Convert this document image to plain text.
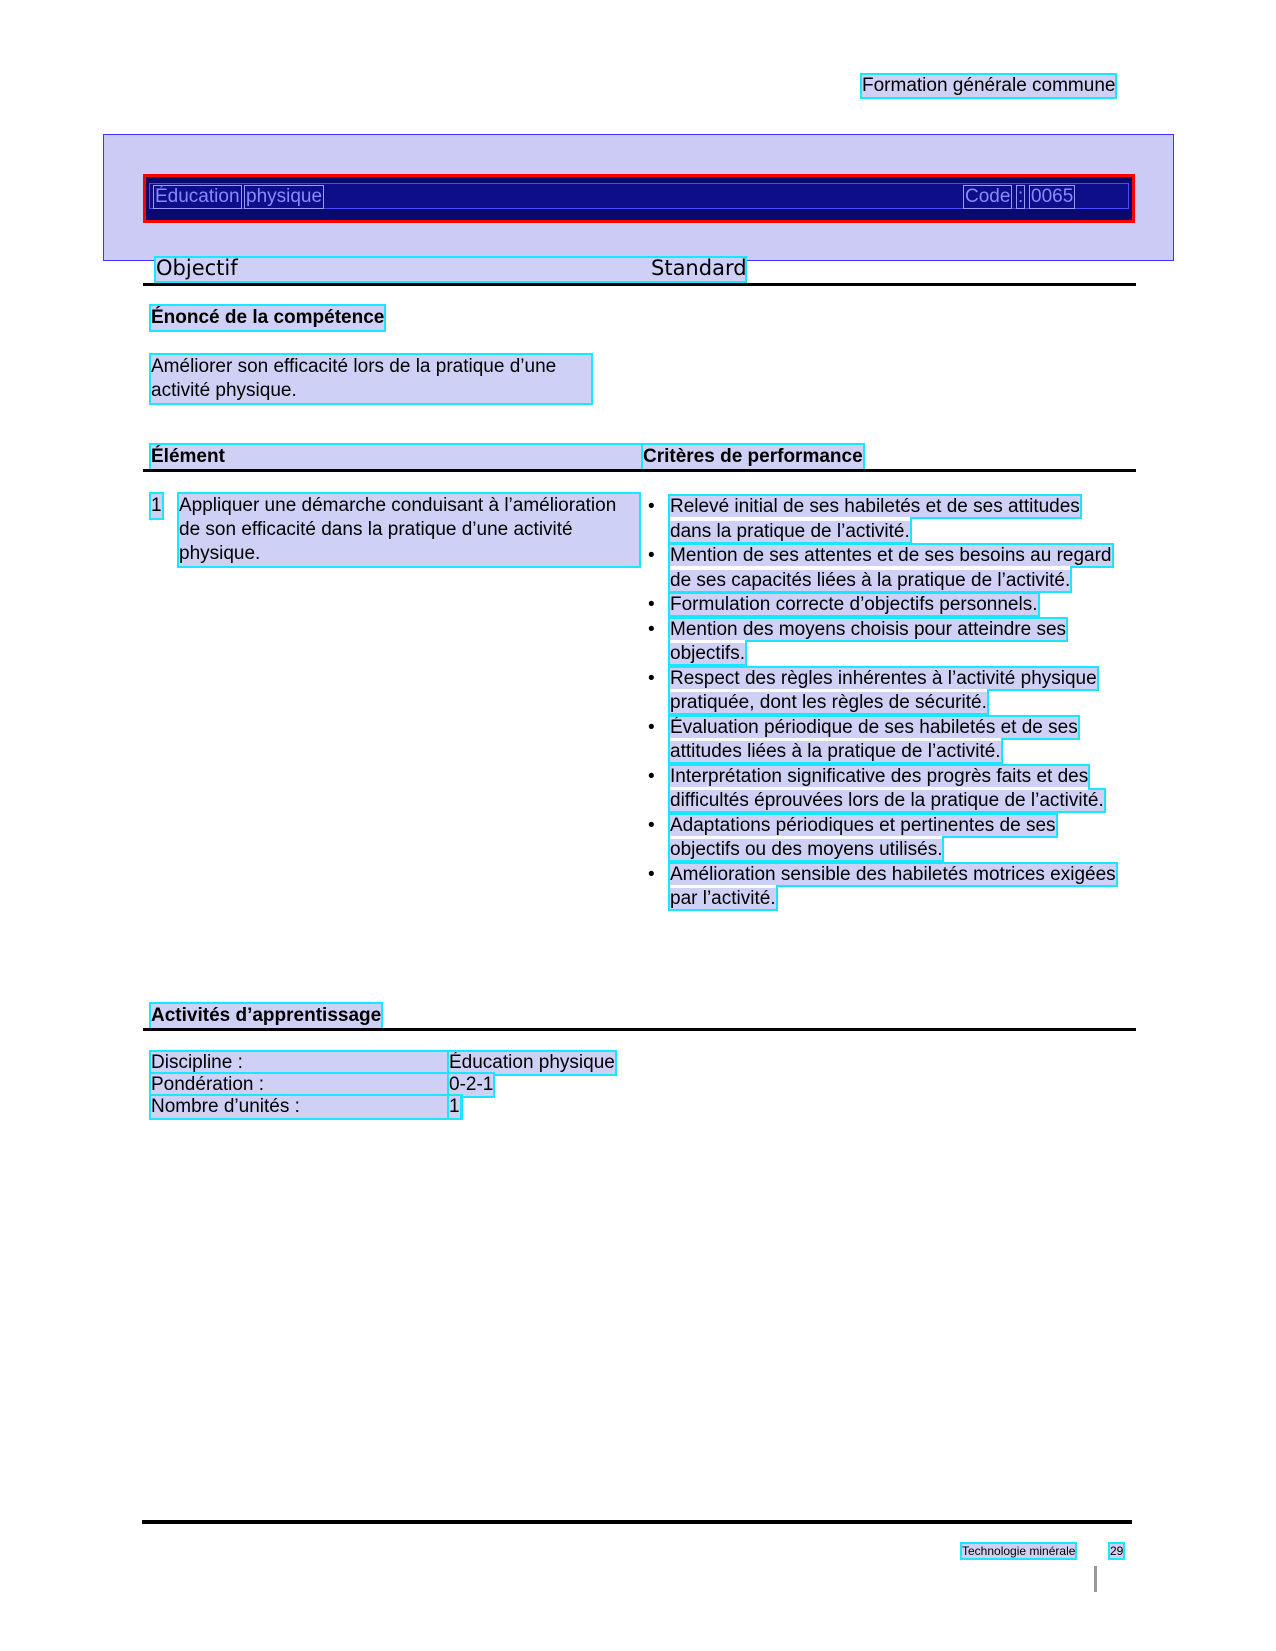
Formation générale commune
Éducation physique	Code : 0065
Objectif	Standard
Énoncé de la compétence
Améliorer son efficacité lors de la pratique d’une activité physique.
Élément	Critères de performance
1 Appliquer une démarche conduisant à l’amélioration de son efficacité dans la pratique d’une activité physique.
• Relevé initial de ses habiletés et de ses attitudes dans la pratique de l’activité.
• Mention de ses attentes et de ses besoins au regard de ses capacités liées à la pratique de l’activité.
• Formulation correcte d’objectifs personnels.
• Mention des moyens choisis pour atteindre ses objectifs.
• Respect des règles inhérentes à l’activité physique pratiquée, dont les règles de sécurité.
• Évaluation périodique de ses habiletés et de ses attitudes liées à la pratique de l’activité.
• Interprétation significative des progrès faits et des difficultés éprouvées lors de la pratique de l’activité.
• Adaptations périodiques et pertinentes de ses objectifs ou des moyens utilisés.
• Amélioration sensible des habiletés motrices exigées par l’activité.
Activités d’apprentissage
Discipline :	Éducation physique
Pondération :	0-2-1
Nombre d’unités :	1
Technologie minérale	29
